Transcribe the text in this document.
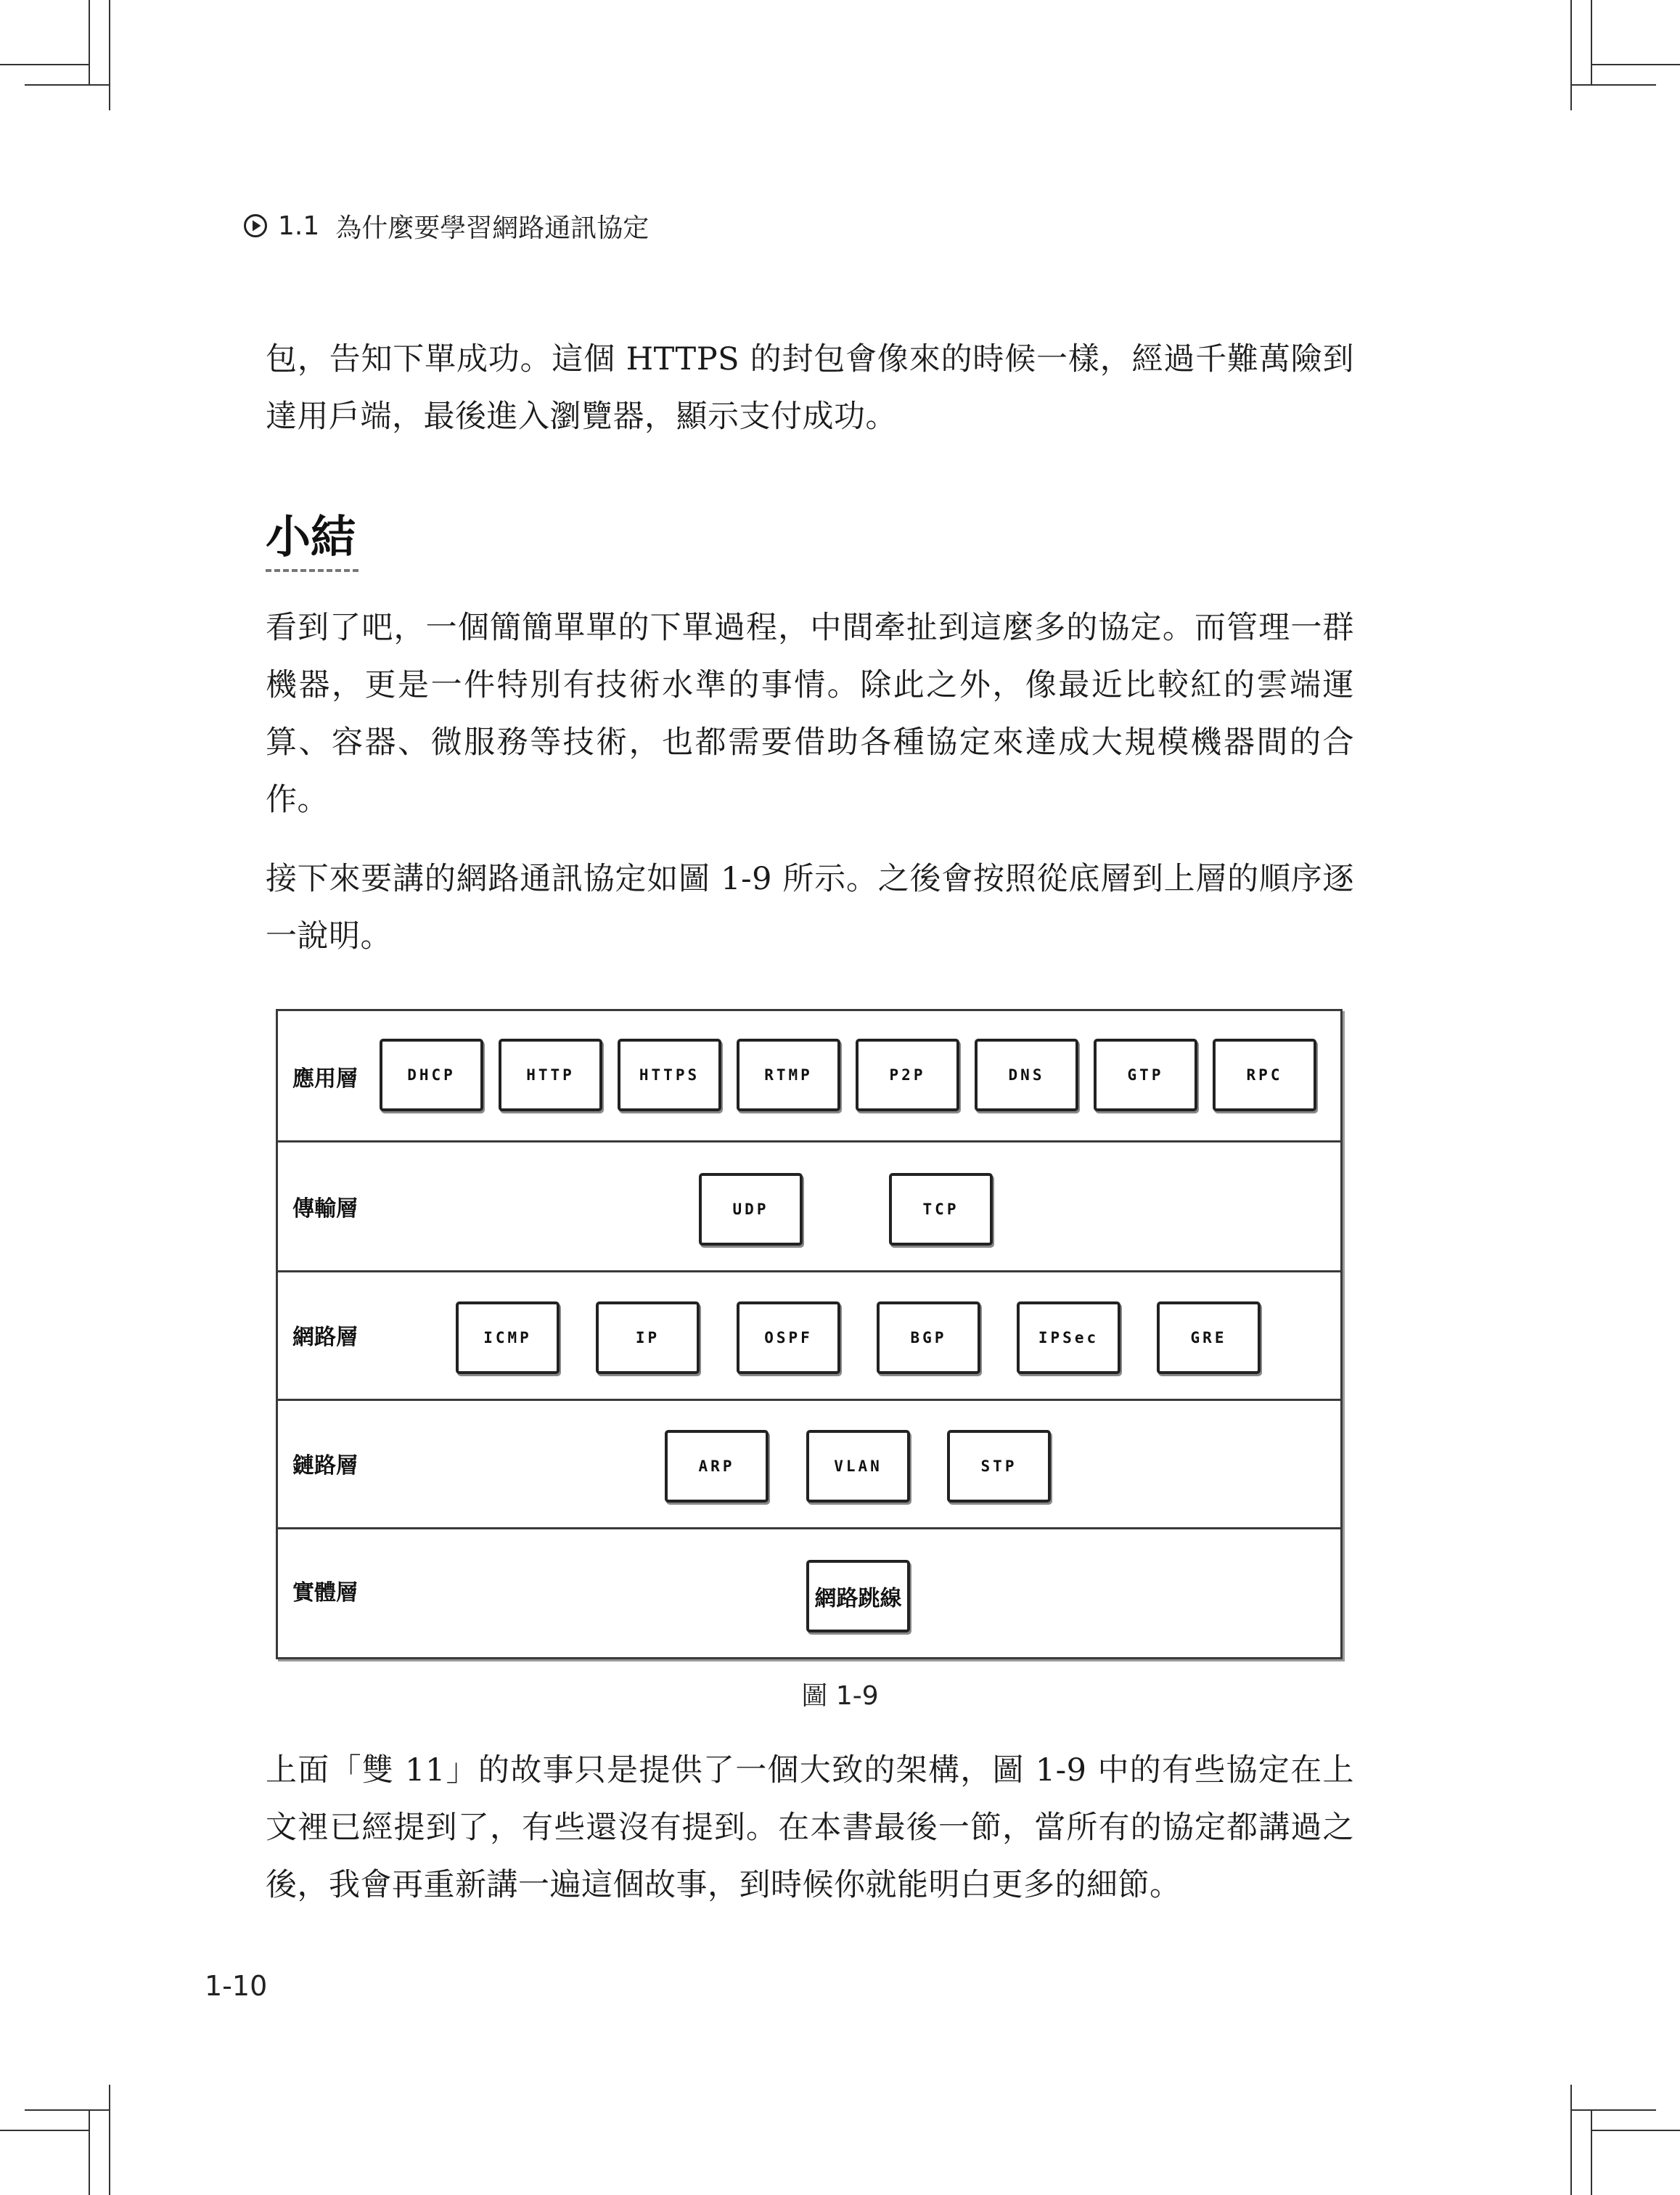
1.1 為什麼要學習網路通訊協定

包，告知下單成功。這個 HTTPS 的封包會像來的時候一樣，經過千難萬險到達用戶端，最後進入瀏覽器，顯示支付成功。

小結

看到了吧，一個簡簡單單的下單過程，中間牽扯到這麼多的協定。而管理一群機器，更是一件特別有技術水準的事情。除此之外，像最近比較紅的雲端運算、容器、微服務等技術，也都需要借助各種協定來達成大規模機器間的合作。

接下來要講的網路通訊協定如圖 1-9 所示。之後會按照從底層到上層的順序逐一說明。

應用層	DHCP	HTTP	HTTPS	RTMP	P2P	DNS	GTP	RPC
傳輸層	UDP	TCP
網路層	ICMP	IP	OSPF	BGP	IPSec	GRE
鏈路層	ARP	VLAN	STP
實體層	網路跳線
圖 1-9

上面「雙 11」的故事只是提供了一個大致的架構，圖 1-9 中的有些協定在上文裡已經提到了，有些還沒有提到。在本書最後一節，當所有的協定都講過之後，我會再重新講一遍這個故事，到時候你就能明白更多的細節。

1-10
